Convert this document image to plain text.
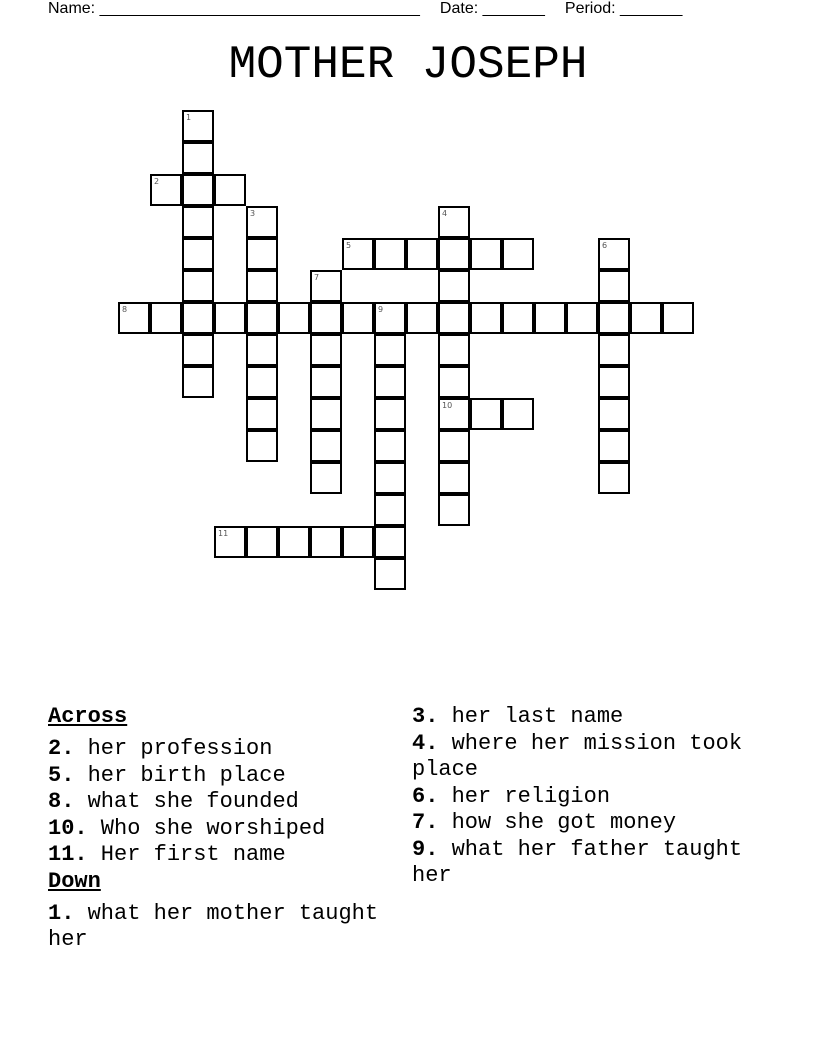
Name: ____________________________________ Date: _______ Period: _______
MOTHER JOSEPH
1
2
3	4
10
5	6
7
8	9
11
Across
2. her profession
5. her birth place
8. what she founded
10. Who she worshiped
11. Her first name
Down
1. what her mother taught her
3. her last name
4. where her mission took place
6. her religion
7. how she got money
9. what her father taught her
